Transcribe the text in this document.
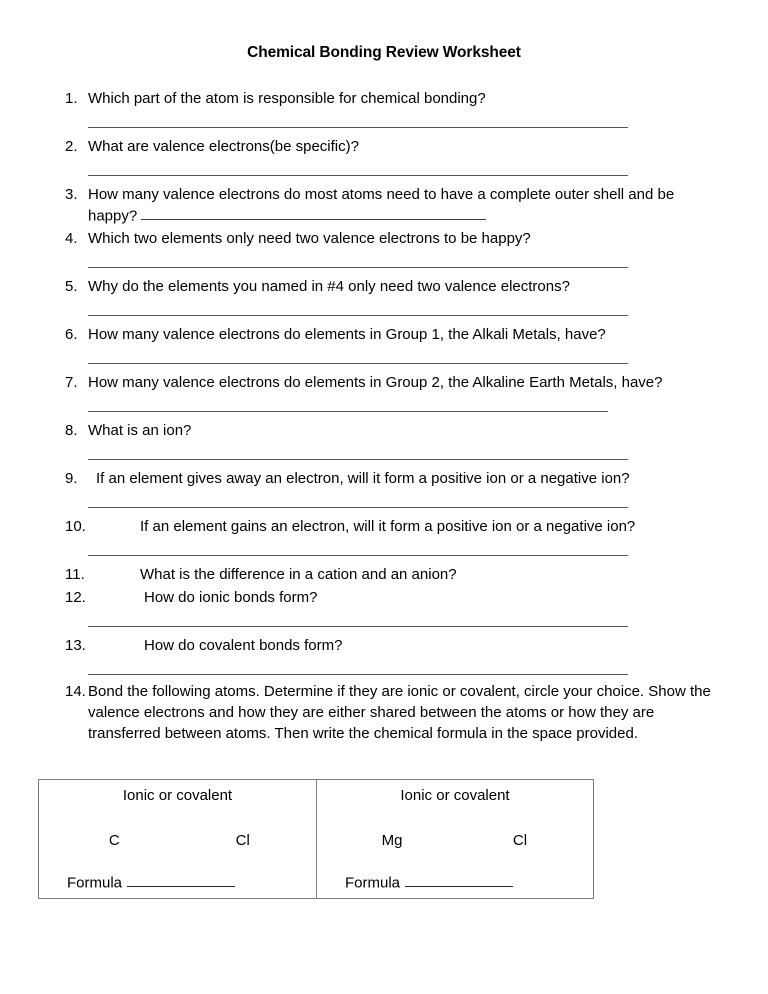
Chemical Bonding Review Worksheet
1. Which part of the atom is responsible for chemical bonding?
2. What are valence electrons(be specific)?
3. How many valence electrons do most atoms need to have a complete outer shell and be happy?
4. Which two elements only need two valence electrons to be happy?
5. Why do the elements you named in #4 only need two valence electrons?
6. How many valence electrons do elements in Group 1, the Alkali Metals, have?
7. How many valence electrons do elements in Group 2, the Alkaline Earth Metals, have?
8. What is an ion?
9.	If an element gives away an electron, will it form a positive ion or a negative ion?
10.	If an element gains an electron, will it form a positive ion or a negative ion?
11.	What is the difference in a cation and an anion?
12.	How do ionic bonds form?
13.	How do covalent bonds form?
14. Bond the following atoms. Determine if they are ionic or covalent, circle your choice. Show the valence electrons and how they are either shared between the atoms or how they are transferred between atoms. Then write the chemical formula in the space provided.
Ionic or covalent
C	Cl
Formula
Ionic or covalent
Mg	Cl
Formula
